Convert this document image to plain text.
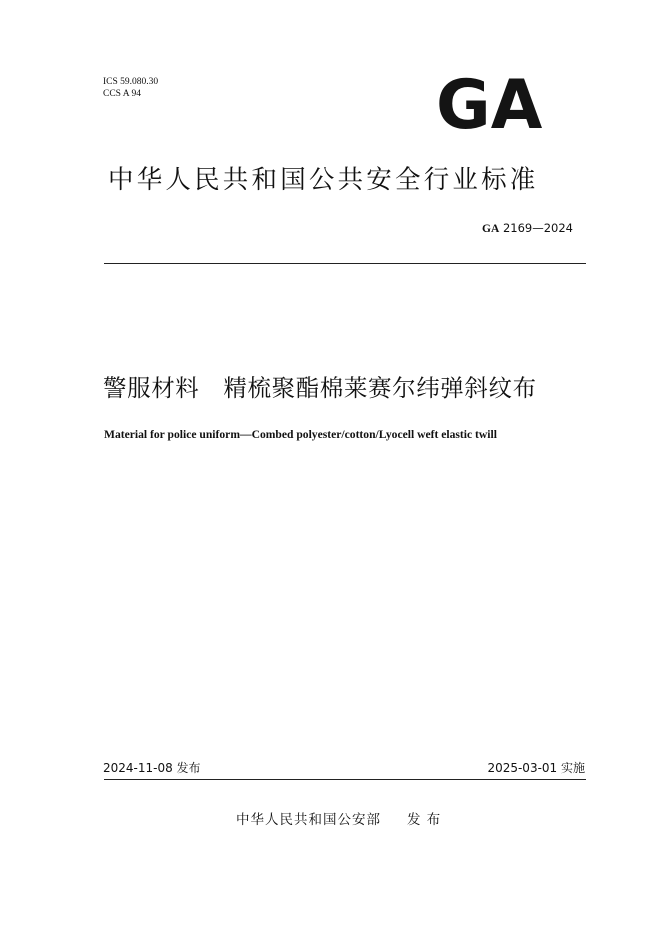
ICS 59.080.30
CCS A 94	GA
中华人民共和国公共安全行业标准
GA 2169—2024
警服材料 精梳聚酯棉莱赛尔纬弹斜纹布
Material for police uniform—Combed polyester/cotton/Lyocell weft elastic twill
2024-11-08 发布	2025-03-01 实施
中华人民共和国公安部 发 布
